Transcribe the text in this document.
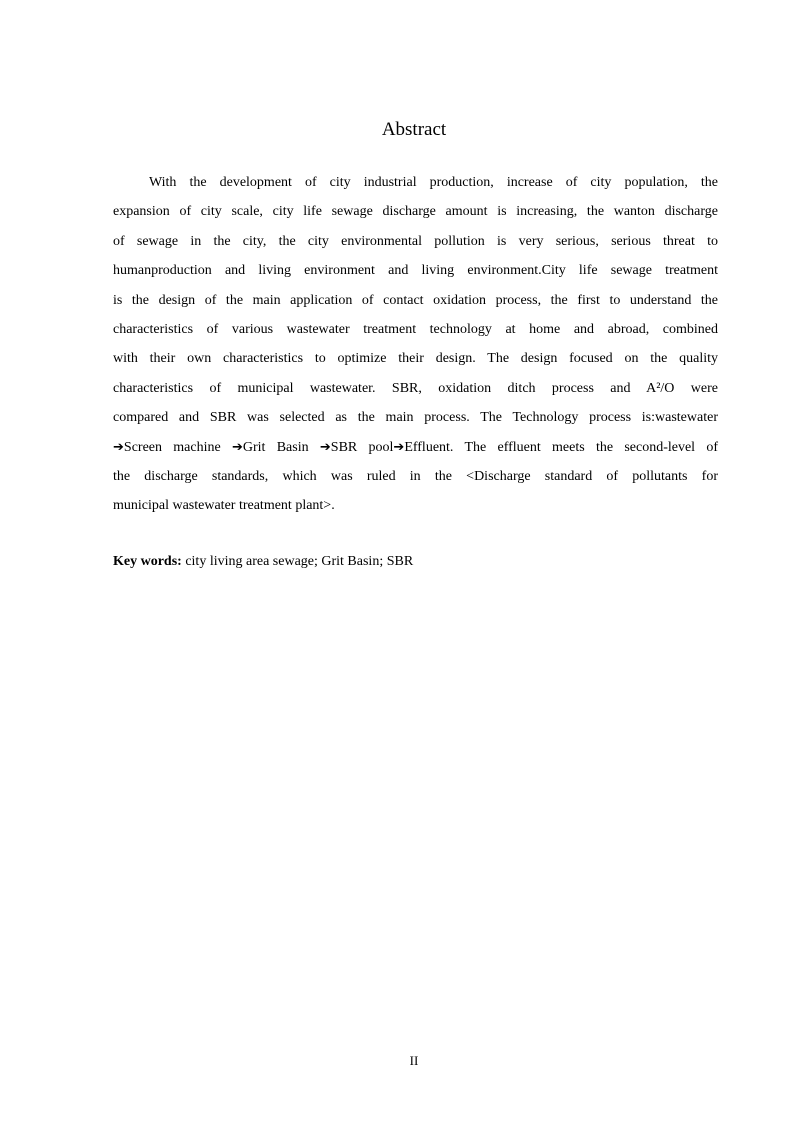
Abstract
With the development of city industrial production, increase of city population, the
expansion of city scale, city life sewage discharge amount is increasing, the wanton discharge
of sewage in the city, the city environmental pollution is very serious, serious threat to
humanproduction and living environment and living environment.City life sewage treatment
is the design of the main application of contact oxidation process, the first to understand the
characteristics of various wastewater treatment technology at home and abroad, combined
with their own characteristics to optimize their design. The design focused on the quality
characteristics of municipal wastewater. SBR, oxidation ditch process and A²/O were
compared and SBR was selected as the main process. The Technology process is:wastewater
➔Screen machine ➔Grit Basin ➔SBR pool➔Effluent. The effluent meets the second-level of
the discharge standards, which was ruled in the <Discharge standard of pollutants for
municipal wastewater treatment plant>.
Key words: city living area sewage; Grit Basin; SBR
II
